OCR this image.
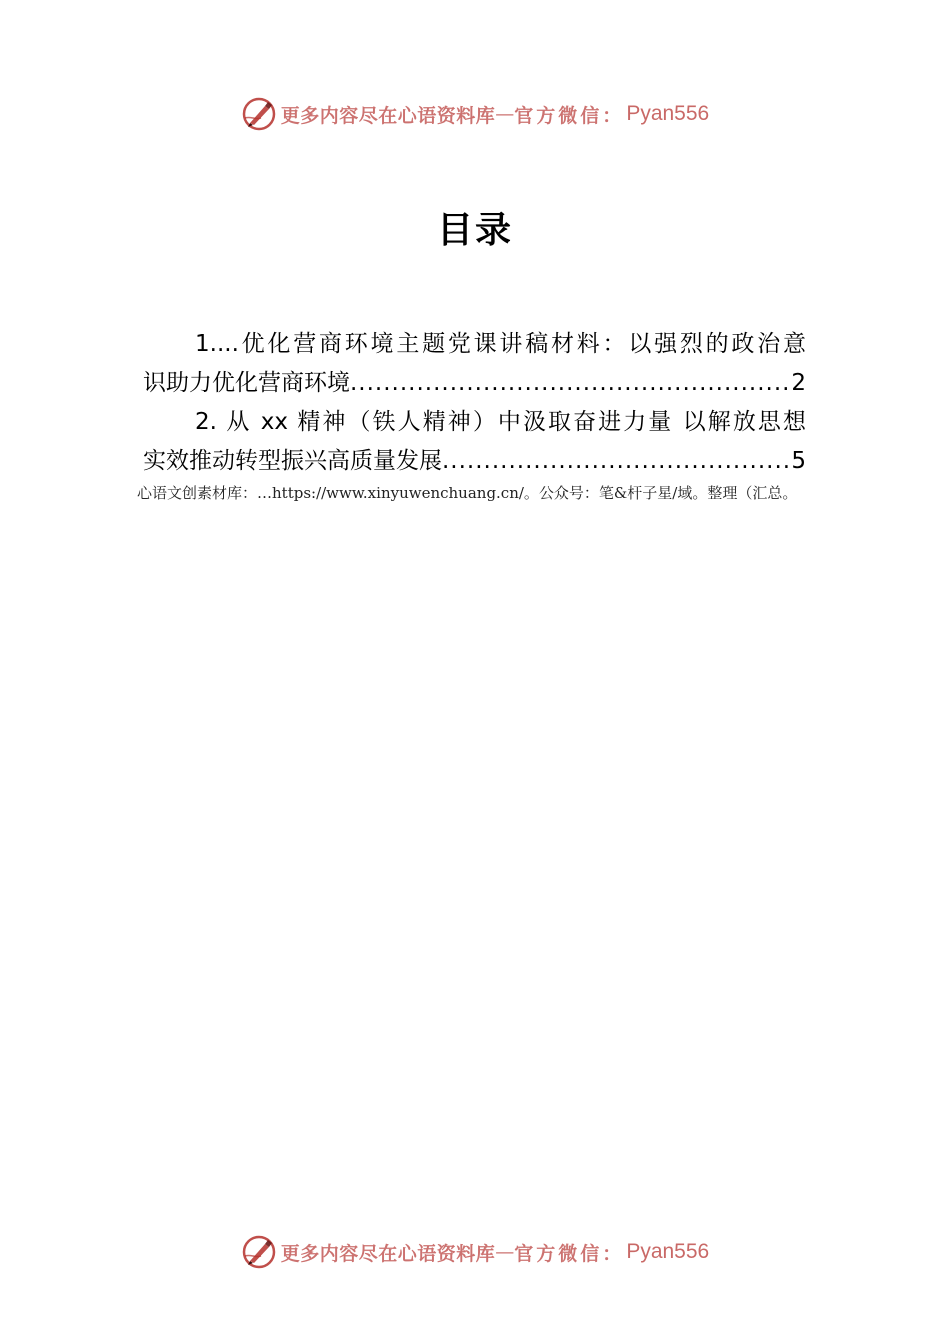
更多内容尽在心语资料库 — 官方微信： Pyan556
目录
1....优化营商环境主题党课讲稿材料：以强烈的政治意
识助力优化营商环境 .....	2
2. 从 xx 精神（铁人精神）中汲取奋进力量 以解放思想
实效推动转型振兴高质量发展 .....	5
心语文创素材库：…https://www.xinyuwenchuang.cn/。公众号：笔&杆子星/域。整理（汇总。
更多内容尽在心语资料库 — 官方微信： Pyan556
